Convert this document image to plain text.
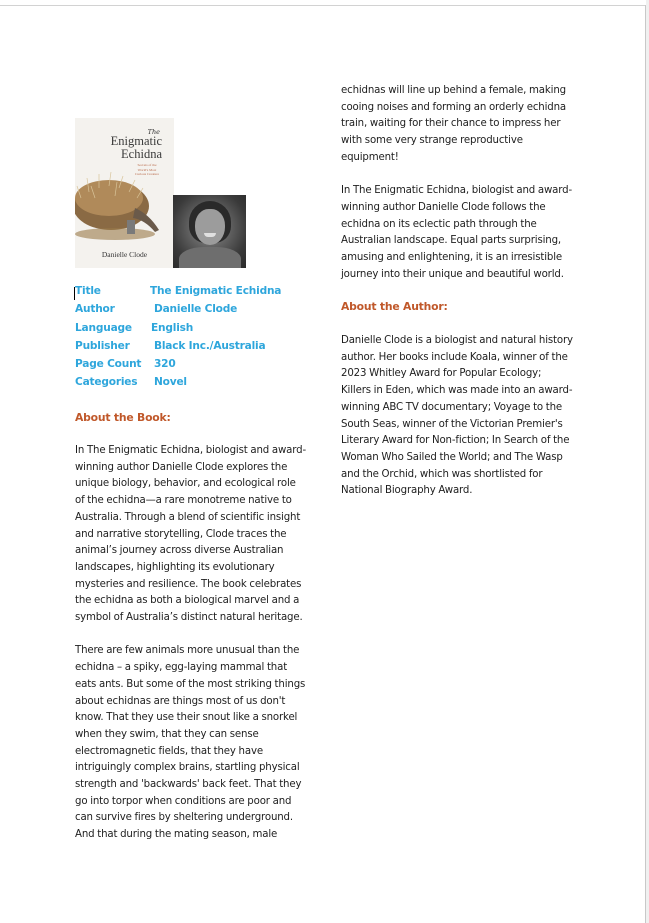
The
Enigmatic
Echidna
Secrets of the World's Most Curious Creature
Danielle Clode
Title	The Enigmatic Echidna
Author	Danielle Clode
Language English
Publisher Black Inc./Australia
Page Count 320
Categories Novel
About the Book:

In The Enigmatic Echidna, biologist and award-winning author Danielle Clode explores the unique biology, behavior, and ecological role of the echidna—a rare monotreme native to Australia. Through a blend of scientific insight and narrative storytelling, Clode traces the animal’s journey across diverse Australian landscapes, highlighting its evolutionary mysteries and resilience. The book celebrates the echidna as both a biological marvel and a symbol of Australia’s distinct natural heritage.

There are few animals more unusual than the echidna – a spiky, egg-laying mammal that eats ants. But some of the most striking things about echidnas are things most of us don't know. That they use their snout like a snorkel when they swim, that they can sense electromagnetic fields, that they have intriguingly complex brains, startling physical strength and 'backwards' back feet. That they go into torpor when conditions are poor and can survive fires by sheltering underground. And that during the mating season, male

echidnas will line up behind a female, making cooing noises and forming an orderly echidna train, waiting for their chance to impress her with some very strange reproductive equipment!

In The Enigmatic Echidna, biologist and award-winning author Danielle Clode follows the echidna on its eclectic path through the Australian landscape. Equal parts surprising, amusing and enlightening, it is an irresistible journey into their unique and beautiful world.

About the Author:

Danielle Clode is a biologist and natural history author. Her books include Koala, winner of the 2023 Whitley Award for Popular Ecology; Killers in Eden, which was made into an award-winning ABC TV documentary; Voyage to the South Seas, winner of the Victorian Premier's Literary Award for Non-fiction; In Search of the Woman Who Sailed the World; and The Wasp and the Orchid, which was shortlisted for National Biography Award.
